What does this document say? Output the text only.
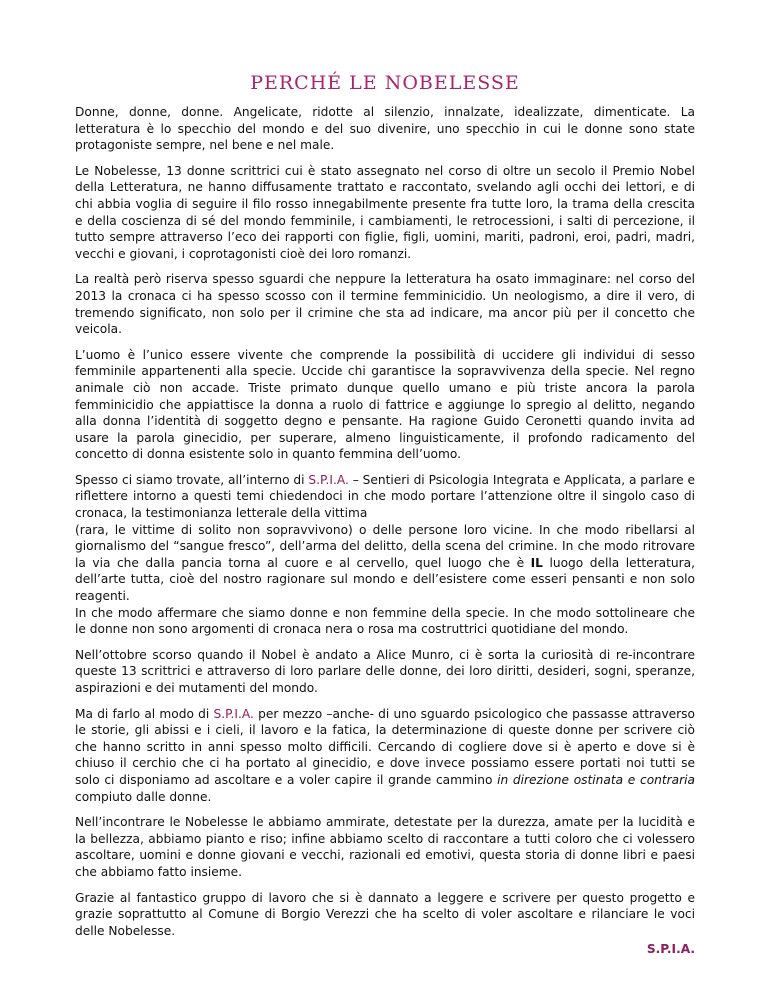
PERCHÉ LE NOBELESSE

Donne, donne, donne. Angelicate, ridotte al silenzio, innalzate, idealizzate, dimenticate. La letteratura è lo specchio del mondo e del suo divenire, uno specchio in cui le donne sono state protagoniste sempre, nel bene e nel male.

Le Nobelesse, 13 donne scrittrici cui è stato assegnato nel corso di oltre un secolo il Premio Nobel della Letteratura, ne hanno diffusamente trattato e raccontato, svelando agli occhi dei lettori, e di chi abbia voglia di seguire il filo rosso innegabilmente presente fra tutte loro, la trama della crescita e della coscienza di sé del mondo femminile, i cambiamenti, le retrocessioni, i salti di percezione, il tutto sempre attraverso l’eco dei rapporti con figlie, figli, uomini, mariti, padroni, eroi, padri, madri, vecchi e giovani, i coprotagonisti cioè dei loro romanzi.

La realtà però riserva spesso sguardi che neppure la letteratura ha osato immaginare: nel corso del 2013 la cronaca ci ha spesso scosso con il termine femminicidio. Un neologismo, a dire il vero, di tremendo significato, non solo per il crimine che sta ad indicare, ma ancor più per il concetto che veicola.

L’uomo è l’unico essere vivente che comprende la possibilità di uccidere gli individui di sesso femminile appartenenti alla specie. Uccide chi garantisce la sopravvivenza della specie. Nel regno animale ciò non accade. Triste primato dunque quello umano e più triste ancora la parola femminicidio che appiattisce la donna a ruolo di fattrice e aggiunge lo spregio al delitto, negando alla donna l’identità di soggetto degno e pensante. Ha ragione Guido Ceronetti quando invita ad usare la parola ginecidio, per superare, almeno linguisticamente, il profondo radicamento del concetto di donna esistente solo in quanto femmina dell’uomo.

Spesso ci siamo trovate, all’interno di S.P.I.A. – Sentieri di Psicologia Integrata e Applicata, a parlare e riflettere intorno a questi temi chiedendoci in che modo portare l’attenzione oltre il singolo caso di cronaca, la testimonianza letterale della vittima
(rara, le vittime di solito non sopravvivono) o delle persone loro vicine. In che modo ribellarsi al giornalismo del “sangue fresco”, dell’arma del delitto, della scena del crimine. In che modo ritrovare la via che dalla pancia torna al cuore e al cervello, quel luogo che è IL luogo della letteratura, dell’arte tutta, cioè del nostro ragionare sul mondo e dell’esistere come esseri pensanti e non solo reagenti.
In che modo affermare che siamo donne e non femmine della specie. In che modo sottolineare che le donne non sono argomenti di cronaca nera o rosa ma costruttrici quotidiane del mondo.

Nell’ottobre scorso quando il Nobel è andato a Alice Munro, ci è sorta la curiosità di re-incontrare queste 13 scrittrici e attraverso di loro parlare delle donne, dei loro diritti, desideri, sogni, speranze, aspirazioni e dei mutamenti del mondo.

Ma di farlo al modo di S.P.I.A. per mezzo –anche- di uno sguardo psicologico che passasse attraverso le storie, gli abissi e i cieli, il lavoro e la fatica, la determinazione di queste donne per scrivere ciò che hanno scritto in anni spesso molto difficili. Cercando di cogliere dove si è aperto e dove si è chiuso il cerchio che ci ha portato al ginecidio, e dove invece possiamo essere portati noi tutti se solo ci disponiamo ad ascoltare e a voler capire il grande cammino in direzione ostinata e contraria compiuto dalle donne.

Nell’incontrare le Nobelesse le abbiamo ammirate, detestate per la durezza, amate per la lucidità e la bellezza, abbiamo pianto e riso; infine abbiamo scelto di raccontare a tutti coloro che ci volessero ascoltare, uomini e donne giovani e vecchi, razionali ed emotivi, questa storia di donne libri e paesi che abbiamo fatto insieme.

Grazie al fantastico gruppo di lavoro che si è dannato a leggere e scrivere per questo progetto e grazie soprattutto al Comune di Borgio Verezzi che ha scelto di voler ascoltare e rilanciare le voci delle Nobelesse.

S.P.I.A.
